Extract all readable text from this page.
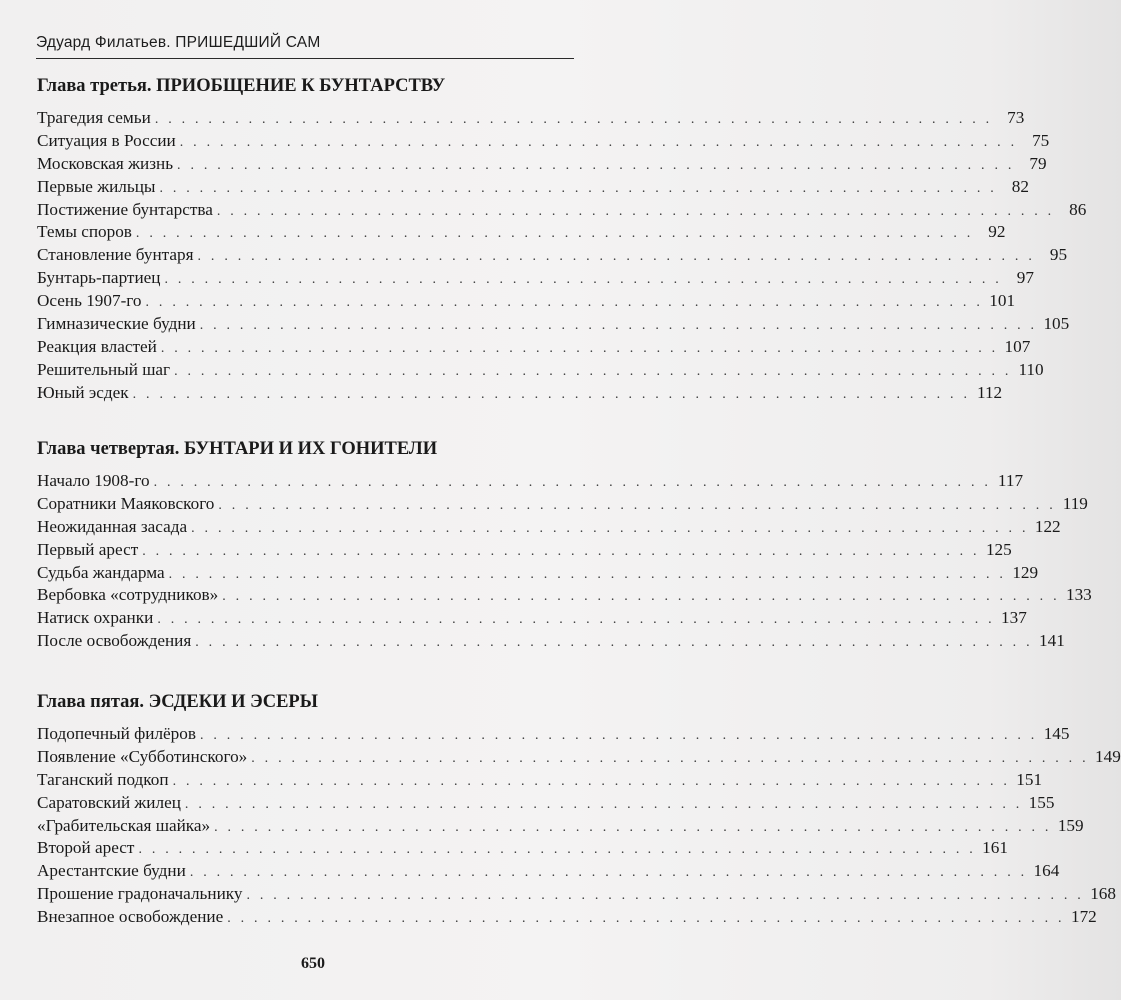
Эдуард Филатьев. ПРИШЕДШИЙ САМ
Глава третья. ПРИОБЩЕНИЕ К БУНТАРСТВУ
Трагедия семьи . . . . . . . . . . . . . . . . . . . . . . . . . . . . . . . . . . . . . . . . . . . . . . . . . . . . . . . . . . . . . . . 73
Ситуация в России . . . . . . . . . . . . . . . . . . . . . . . . . . . . . . . . . . . . . . . . . . . . . . . . . . . . . . . . . . . . . . . 75
Московская жизнь . . . . . . . . . . . . . . . . . . . . . . . . . . . . . . . . . . . . . . . . . . . . . . . . . . . . . . . . . . . . . . . 79
Первые жильцы . . . . . . . . . . . . . . . . . . . . . . . . . . . . . . . . . . . . . . . . . . . . . . . . . . . . . . . . . . . . . . . 82
Постижение бунтарства . . . . . . . . . . . . . . . . . . . . . . . . . . . . . . . . . . . . . . . . . . . . . . . . . . . . . . . . . . . . . . . 86
Темы споров . . . . . . . . . . . . . . . . . . . . . . . . . . . . . . . . . . . . . . . . . . . . . . . . . . . . . . . . . . . . . . . 92
Становление бунтаря . . . . . . . . . . . . . . . . . . . . . . . . . . . . . . . . . . . . . . . . . . . . . . . . . . . . . . . . . . . . . . . 95
Бунтарь-партиец . . . . . . . . . . . . . . . . . . . . . . . . . . . . . . . . . . . . . . . . . . . . . . . . . . . . . . . . . . . . . . . 97
Осень 1907-го . . . . . . . . . . . . . . . . . . . . . . . . . . . . . . . . . . . . . . . . . . . . . . . . . . . . . . . . . . . . . . . 101
Гимназические будни . . . . . . . . . . . . . . . . . . . . . . . . . . . . . . . . . . . . . . . . . . . . . . . . . . . . . . . . . . . . . . . 105
Реакция властей . . . . . . . . . . . . . . . . . . . . . . . . . . . . . . . . . . . . . . . . . . . . . . . . . . . . . . . . . . . . . . . 107
Решительный шаг . . . . . . . . . . . . . . . . . . . . . . . . . . . . . . . . . . . . . . . . . . . . . . . . . . . . . . . . . . . . . . . 110
Юный эсдек . . . . . . . . . . . . . . . . . . . . . . . . . . . . . . . . . . . . . . . . . . . . . . . . . . . . . . . . . . . . . . . 112
Глава четвертая. БУНТАРИ И ИХ ГОНИТЕЛИ
Начало 1908-го . . . . . . . . . . . . . . . . . . . . . . . . . . . . . . . . . . . . . . . . . . . . . . . . . . . . . . . . . . . . . . . 117
Соратники Маяковского . . . . . . . . . . . . . . . . . . . . . . . . . . . . . . . . . . . . . . . . . . . . . . . . . . . . . . . . . . . . . . . 119
Неожиданная засада . . . . . . . . . . . . . . . . . . . . . . . . . . . . . . . . . . . . . . . . . . . . . . . . . . . . . . . . . . . . . . . 122
Первый арест . . . . . . . . . . . . . . . . . . . . . . . . . . . . . . . . . . . . . . . . . . . . . . . . . . . . . . . . . . . . . . . 125
Судьба жандарма . . . . . . . . . . . . . . . . . . . . . . . . . . . . . . . . . . . . . . . . . . . . . . . . . . . . . . . . . . . . . . . 129
Вербовка «сотрудников» . . . . . . . . . . . . . . . . . . . . . . . . . . . . . . . . . . . . . . . . . . . . . . . . . . . . . . . . . . . . . . . 133
Натиск охранки . . . . . . . . . . . . . . . . . . . . . . . . . . . . . . . . . . . . . . . . . . . . . . . . . . . . . . . . . . . . . . . 137
После освобождения . . . . . . . . . . . . . . . . . . . . . . . . . . . . . . . . . . . . . . . . . . . . . . . . . . . . . . . . . . . . . . . 141
Глава пятая. ЭСДЕКИ И ЭСЕРЫ
Подопечный филёров . . . . . . . . . . . . . . . . . . . . . . . . . . . . . . . . . . . . . . . . . . . . . . . . . . . . . . . . . . . . . . . 145
Появление «Субботинского» . . . . . . . . . . . . . . . . . . . . . . . . . . . . . . . . . . . . . . . . . . . . . . . . . . . . . . . . . . . . . . . 149
Таганский подкоп . . . . . . . . . . . . . . . . . . . . . . . . . . . . . . . . . . . . . . . . . . . . . . . . . . . . . . . . . . . . . . . 151
Саратовский жилец . . . . . . . . . . . . . . . . . . . . . . . . . . . . . . . . . . . . . . . . . . . . . . . . . . . . . . . . . . . . . . . 155
«Грабительская шайка» . . . . . . . . . . . . . . . . . . . . . . . . . . . . . . . . . . . . . . . . . . . . . . . . . . . . . . . . . . . . . . . 159
Второй арест . . . . . . . . . . . . . . . . . . . . . . . . . . . . . . . . . . . . . . . . . . . . . . . . . . . . . . . . . . . . . . . 161
Арестантские будни . . . . . . . . . . . . . . . . . . . . . . . . . . . . . . . . . . . . . . . . . . . . . . . . . . . . . . . . . . . . . . . 164
Прошение градоначальнику . . . . . . . . . . . . . . . . . . . . . . . . . . . . . . . . . . . . . . . . . . . . . . . . . . . . . . . . . . . . . . . 168
Внезапное освобождение . . . . . . . . . . . . . . . . . . . . . . . . . . . . . . . . . . . . . . . . . . . . . . . . . . . . . . . . . . . . . . . 172
650
